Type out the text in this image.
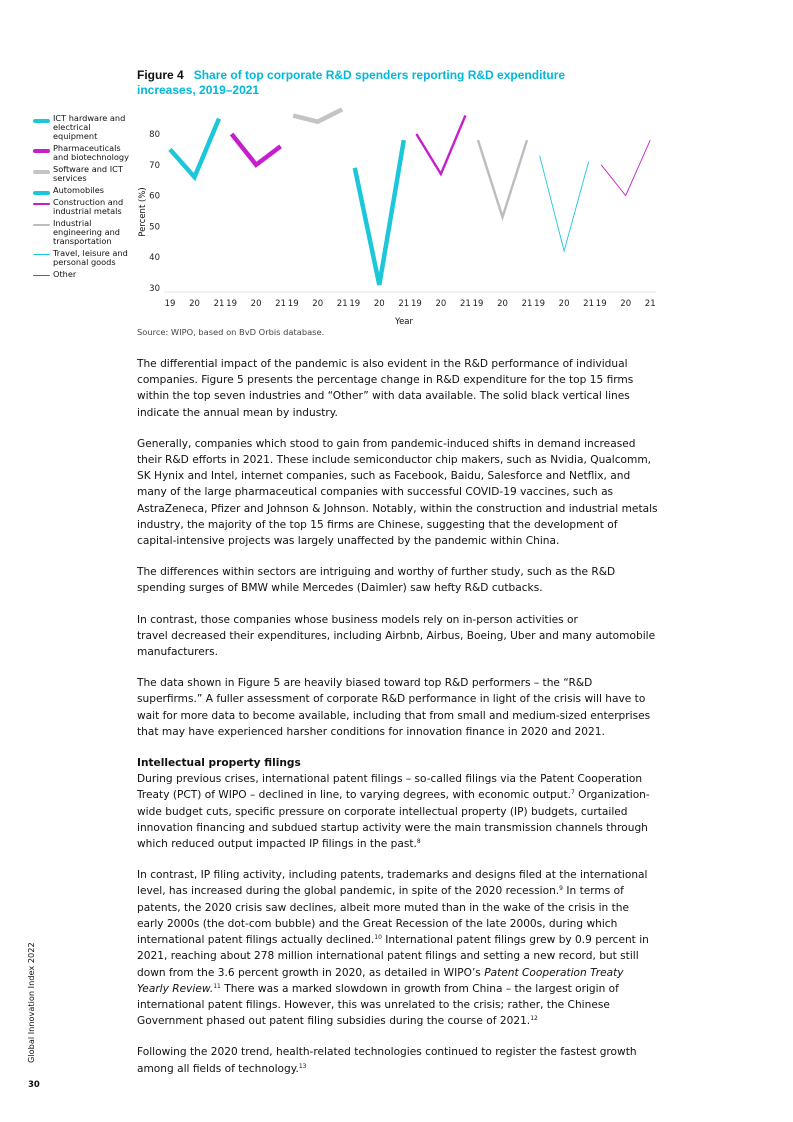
Figure 4 Share of top corporate R&D spenders reporting R&D expenditure increases, 2019–2021
ICT hardware and electrical equipment
Pharmaceuticals and biotechnology
Software and ICT services
Automobiles
Construction and industrial metals
Industrial engineering and transportation
Travel, leisure and personal goods
Other
Percent (%)
30
40
50
60
70
80
19 20 21 19 20 21 19 20 21 19 20 21 19 20 21 19 20 21 19 20 21 19 20 21
Year
Source: WIPO, based on BvD Orbis database.

The differential impact of the pandemic is also evident in the R&D performance of individual companies. Figure 5 presents the percentage change in R&D expenditure for the top 15 firms within the top seven industries and “Other” with data available. The solid black vertical lines indicate the annual mean by industry.

Generally, companies which stood to gain from pandemic-induced shifts in demand increased their R&D efforts in 2021. These include semiconductor chip makers, such as Nvidia, Qualcomm, SK Hynix and Intel, internet companies, such as Facebook, Baidu, Salesforce and Netflix, and many of the large pharmaceutical companies with successful COVID-19 vaccines, such as AstraZeneca, Pfizer and Johnson & Johnson. Notably, within the construction and industrial metals industry, the majority of the top 15 firms are Chinese, suggesting that the development of capital-intensive projects was largely unaffected by the pandemic within China.

The differences within sectors are intriguing and worthy of further study, such as the R&D spending surges of BMW while Mercedes (Daimler) saw hefty R&D cutbacks.

In contrast, those companies whose business models rely on in-person activities or
travel decreased their expenditures, including Airbnb, Airbus, Boeing, Uber and many automobile manufacturers.

The data shown in Figure 5 are heavily biased toward top R&D performers – the “R&D superfirms.” A fuller assessment of corporate R&D performance in light of the crisis will have to wait for more data to become available, including that from small and medium-sized enterprises that may have experienced harsher conditions for innovation finance in 2020 and 2021.

Intellectual property filings

During previous crises, international patent filings – so-called filings via the Patent Cooperation Treaty (PCT) of WIPO – declined in line, to varying degrees, with economic output.$^7$ Organization-wide budget cuts, specific pressure on corporate intellectual property (IP) budgets, curtailed innovation financing and subdued startup activity were the main transmission channels through which reduced output impacted IP filings in the past.$^8$

In contrast, IP filing activity, including patents, trademarks and designs filed at the international level, has increased during the global pandemic, in spite of the 2020 recession.$^9$ In terms of patents, the 2020 crisis saw declines, albeit more muted than in the wake of the crisis in the early 2000s (the dot-com bubble) and the Great Recession of the late 2000s, during which international patent filings actually declined.$^{10}$ International patent filings grew by 0.9 percent in 2021, reaching about 278 million international patent filings and setting a new record, but still down from the 3.6 percent growth in 2020, as detailed in WIPO’s Patent Cooperation Treaty Yearly Review.$^{11}$ There was a marked slowdown in growth from China – the largest origin of international patent filings. However, this was unrelated to the crisis; rather, the Chinese Government phased out patent filing subsidies during the course of 2021.12

Following the 2020 trend, health-related technologies continued to register the fastest growth among all fields of technology.$^{13}$

Global Innovation Index 2022
30
